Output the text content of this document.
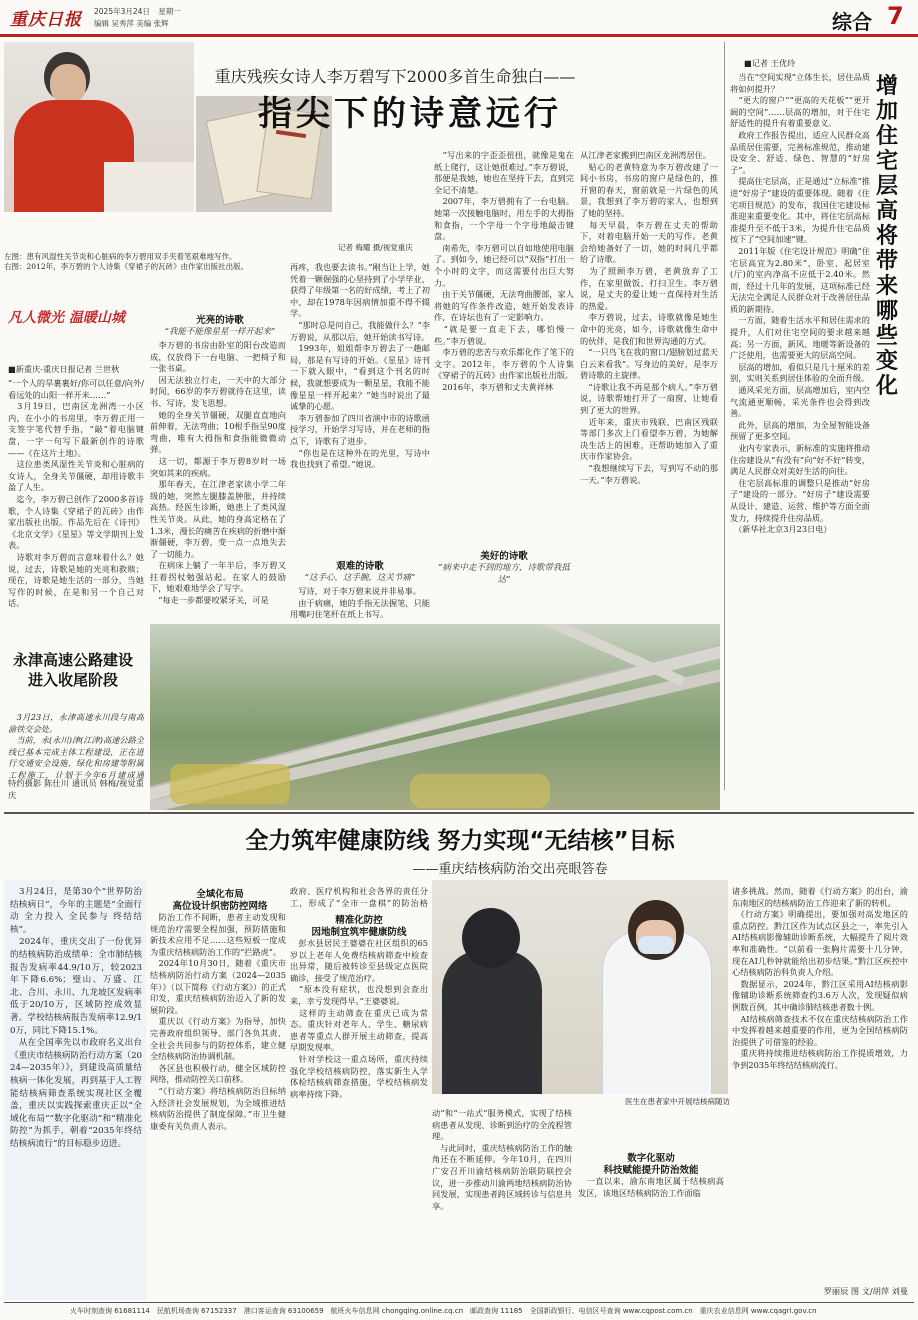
重庆日报 2025年3月24日 星期一
编辑 吴秀萍 美编 张辉	综合 7
重庆残疾女诗人李万碧写下2000多首生命独白——
指尖下的诗意远行
左图：患有风湿性关节炎和心脏病的李万碧用双手夹着笔艰难地写作。
右图：2012年，李万碧的个人诗集《穿裙子的瓦砖》由作家出版社出版。
记者 梅耀 摄/视觉重庆
凡人微光 温暖山城
■新重庆-重庆日报记者 兰世秋
“一个人的旱裹裹好/你可以任意/向外/看远处的山阳一样开米……”
　3月19日，巴南区龙洲湾一小区内，在小小的书房里，李万碧正用一支签字笔代替手指，“敲”着电脑键盘，一字一句写下最新创作的诗歌——《在这片土地》。
　这位患类风湿性关节炎和心脏病的女诗人，全身关节僵硬，却用诗歌丰盈了人生。
　迄今，李万碧已创作了2000多首诗歌，个人诗集《穿裙子的瓦砖》由作家出版社出版。作品先后在《诗刊》《北京文学》《星星》等文学期刊上发表。
　诗歌对李万碧而言意味着什么？她说，过去，诗歌是她的光亮和救赎；现在，诗歌是她生活的一部分，当她写作的时候，在是和另一个自己对话。
光亮的诗歌
“我能不能像星星一样开起来”
　李万碧的书房由卧室的阳台改造而成，仅放得下一台电脑、一把椅子和一张书桌。
　因无法独立行走，一天中的大部分时间，66岁的李万碧就待在这里，读书、写诗，发飞思想。
　她的全身关节僵硬，双腿直直地向前伸着，无法弯曲；10根手指呈90度弯曲，唯有大拇指和食指能微微动弹。
　这一切，都源于李万碧8岁时一场突如其来的疾病。
　那年春天，在江津老家读小学二年级的她，突然左腿膝盖肿胀，并持续高热。经医生诊断，她患上了类风湿性关节炎。从此，她的身高定格在了1.3米，漫长的痛苦在疾病的折磨中渐渐僵硬，李万碧，变一点一点地失去了一切能力。
　在病床上躺了一年半后，李万碧又拄着拐杖勉强站起。在家人的鼓励下，她艰难地学会了写字。
　“每走一步都要咬紧牙关，可是
再疼，我也要去读书。”刚当让上学，她凭着一颗倔强的心坚持到了小学毕业，获得了年级第一名的好成绩，考上了初中，却在1978年因病情加重不得不辍学。
　“那时总是问自己，我能做什么？”李万碧说，从那以后，她开始读书写诗。
　1993年，姐姐帮李万碧去了一趟邮局，那是有写诗的开始。《星星》诗刊一下就入眼中，“看到这个刊名的时候，我就想要成为一颗星星，我能不能像星星一样开起来？”她当时说出了最诚挚的心愿。
　李万碧参加了四川省演中市的诗歌函授学习，开始学习写诗，并在老师的指点下，诗歌有了进步。
　“你也是在这种外在的光里，写诗中我也找到了希望。”她说。
艰难的诗歌
“这手心，这手腕，这关节痛”
　写诗，对于李万碧来说并非易事。
　由于病痛，她的手指无法握笔，只能用嘴叼住笔杆在纸上书写。
　“写出来的字歪歪扭扭，就像是鬼在纸上爬行，这让她很难过。”李万碧说，那便是我她，她也在坚持下去，直到完全记不清楚。
　2007年，李万碧拥有了一台电脑。她第一次接触电脑时，用左手的大拇指和食指，一个字母一个字母地敲击键盘。
　南希先，李万碧可以自如地使用电脑了。到如今，她已经可以“双指”打出一个小时的文字，而这需要付出巨大努力。
　由于关节僵硬，无法弯曲腰部，家人将她的写作条件改造，她开始发表诗作，在诗坛也有了一定影响力。
　“就是要一直走下去，哪怕慢一些。”李万碧说。
　李万碧的悲苦与欢乐都化作了笔下的文字。2012年，李万碧的个人诗集《穿裙子的瓦砖》由作家出版社出版。
　2016年，李万碧和丈夫黄祥林
美好的诗歌
“病来中走不到的地方，诗歌带我抵达”
从江津老家搬到巴南区龙洲湾居住。
　贴心的老黄特意为李万碧改建了一间小书房，书房的窗户是绿色的，推开窗的春天，窗前就是一片绿色的风景，我想到了李万碧的家人，也想到了她的坚持。
　每天早晨，李万碧在丈夫的帮助下，对着电脑开始一天的写作。老黄会给她备好了一切，她的时间几乎都给了诗歌。
　为了照顾李万碧，老黄放弃了工作，在家里做饭、打扫卫生。李万碧说，是丈夫的爱让她一直保持对生活的热爱。
　李万碧说，过去，诗歌就像是她生命中的光亮，如今，诗歌就像生命中的伙伴，是我们和世界沟通的方式。
　“一只鸟飞在我的窗口/翅膀划过蓝天白云来看我”。写身边的美好，是李万碧诗歌的主旋律。
　“诗歌让我不再是那个病人。”李万碧说，诗歌帮她打开了一扇窗，让她看到了更大的世界。
　近年来，重庆市残联、巴南区残联等部门多次上门看望李万碧，为她解决生活上的困难，还帮助她加入了重庆市作家协会。
　“我想继续写下去，写到写不动的那一天。”李万碧说。
■记者 王优玲
增加住宅层高将带来哪些变化
　当在“空间实现”立体生长，居住品质将如何提升？
　“更大的窗户”“更高的天花板”“更开阔的空间”……层高的增加，对于住宅舒适性的提升有着重要意义。
　政府工作报告提出，适应人民群众高品质居住需要，完善标准规范，推动建设安全、舒适、绿色、智慧的“好房子”。
　提高住宅层高，正是通过“立标准”推进“好房子”建设的重要体现。随着《住宅项目规范》的发布，我国住宅建设标准迎来重要变化。其中，将住宅层高标准提升至不低于3米，为提升住宅品质按下了“空间加速”键。
　2011年版《住宅设计规范》明确“住宅层高宜为2.80米”，卧室、起居室(厅)的室内净高不应低于2.40米。然而，经过十几年的发展，这项标准已经无法完全满足人民群众对于改善居住品质的新期待。
　一方面，随着生活水平和居住需求的提升，人们对住宅空间的要求越来越高；另一方面，新风、地暖等新设备的广泛使用，也需要更大的层高空间。
　层高的增加，看似只是几十厘米的差别，实则关系到居住体验的全面升级。
　通风采光方面，层高增加后，室内空气流通更顺畅，采光条件也会得到改善。
　此外，层高的增加，为全屋智能设备预留了更多空间。
　业内专家表示，新标准的实施将推动住房建设从“有没有”向“好不好”转变，满足人民群众对美好生活的向往。
　住宅层高标准的调整只是推动“好房子”建设的一部分。“好房子”建设需要从设计、建造、运营、维护等方面全面发力，持续提升住房品质。
　（新华社北京3月23日电）
永津高速公路建设进入收尾阶段
　3月23日，永津高速永川段与南高渝铁交会处。
　当前，永(永川)津(江津)高速公路全线已基本完成主体工程建设，正在进行交通安全设施、绿化和房建等附属工程施工，计划于今年6月建成通

特约摄影 陈仕川 通讯员 韩梅/视觉重庆
全力筑牢健康防线 努力实现“无结核”目标
——重庆结核病防治交出亮眼答卷
　3月24日，是第30个“世界防治结核病日”，今年的主题是“全面行动 全力投入 全民参与 终结结核”。
　2024年，重庆交出了一份优异的结核病防治成绩单：全市肺结核报告发病率44.9/10万，较2023年下降6.6%；璧山、万盛、江北、合川、永川、九龙坡区发病率低于20/10万，区域防控成效显著。学校结核病报告发病率12.9/10万，同比下降15.1%。
　从在全国率先以市政府名义出台《重庆市结核病防治行动方案（2024—2035年）》，到建设高质量结核病一体化发展，再到基于人工智能结核病筛查系统实现社区全覆盖，重庆以实践探索重庆正以“全域化布局”“数字化驱动”和“精准化防控”为抓手，朝着“2035年终结结核病流行”的目标稳步迈进。
全域化布局
高位设计织密防控网络
　防治工作不间断，患者主动发现和规范治疗需要全程加强，预防措施和新技术应用不足……这些短板一度成为重庆结核病防治工作的“拦路虎”。
　2024年10月30日，随着《重庆市结核病防治行动方案（2024—2035年）》（以下简称《行动方案》）的正式印发，重庆结核病防治迈入了新的发展阶段。
　重庆以《行动方案》为指导，加快完善政府组织领导、部门各负其责、全社会共同参与的防控体系，建立健全结核病防治协调机制。
　各区县也积极行动，健全区域防控网络，推动防控关口前移。
　“《行动方案》将结核病防治目标纳入经济社会发展规划，为全域推进结核病防治提供了制度保障。”市卫生健康委有关负责人表示。
政府、医疗机构和社会各界的责任分工，形成了“全市一盘棋”的防治格
精准化防控
因地制宜筑牢健康防线
　彭水县居民王婆婆在社区组织的65岁以上老年人免费结核病筛查中检查出异常，随后被转诊至县级定点医院确诊，接受了规范治疗。
　“原本没有症状，也没想到会查出来，幸亏发现得早。”王婆婆说。
　这样的主动筛查在重庆已成为常态。重庆针对老年人、学生、糖尿病患者等重点人群开展主动筛查，提高早期发现率。
　针对学校这一重点场所，重庆持续强化学校结核病防控，落实新生入学体检结核病筛查措施，学校结核病发病率持续下降。
医生在患者家中开展结核病随访
动”和“一站式”服务模式，实现了结核病患者从发现、诊断到治疗的全流程管理。
　与此同时，重庆结核病防治工作的触角还在不断延伸。今年10月，在四川广安召开川渝结核病防治联防联控会议，进一步推动川渝两地结核病防治协同发展，实现患者跨区域转诊与信息共享。
数字化驱动
科技赋能提升防治效能
　一直以来，渝东南地区属于结核病高发区，该地区结核病防治工作面临
诸多挑战。然而，随着《行动方案》的出台，渝东南地区的结核病防治工作迎来了新的转机。
　《行动方案》明确提出，要加强对高发地区的重点防控。黔江区作为试点区县之一，率先引入AI结核病影像辅助诊断系统，大幅提升了阅片效率和准确性。“以前看一张胸片需要十几分钟，现在AI几秒钟就能给出初步结果。”黔江区疾控中心结核病防治科负责人介绍。
　数据显示，2024年，黔江区采用AI结核病影像辅助诊断系统筛查约3.6万人次，发现疑似病例数百例，其中确诊肺结核患者数十例。
　AI结核病筛查技术不仅在重庆结核病防治工作中发挥着越来越重要的作用，更为全国结核病防治提供了可借鉴的经验。
　重庆将持续推进结核病防治工作提质增效，力争到2035年终结结核病流行。
罗丽辰 图 文/胡萍 刘曼
火车时刻查询 61681114　民航机场查询 67152337　港口客运查询 63100659　航班火车信息网 chongqing.online.cq.cn　邮政查询 11185　全国新政银行、电信区号查询 www.cqpost.com.cn　重庆农业信息网 www.cqagri.gov.cn
